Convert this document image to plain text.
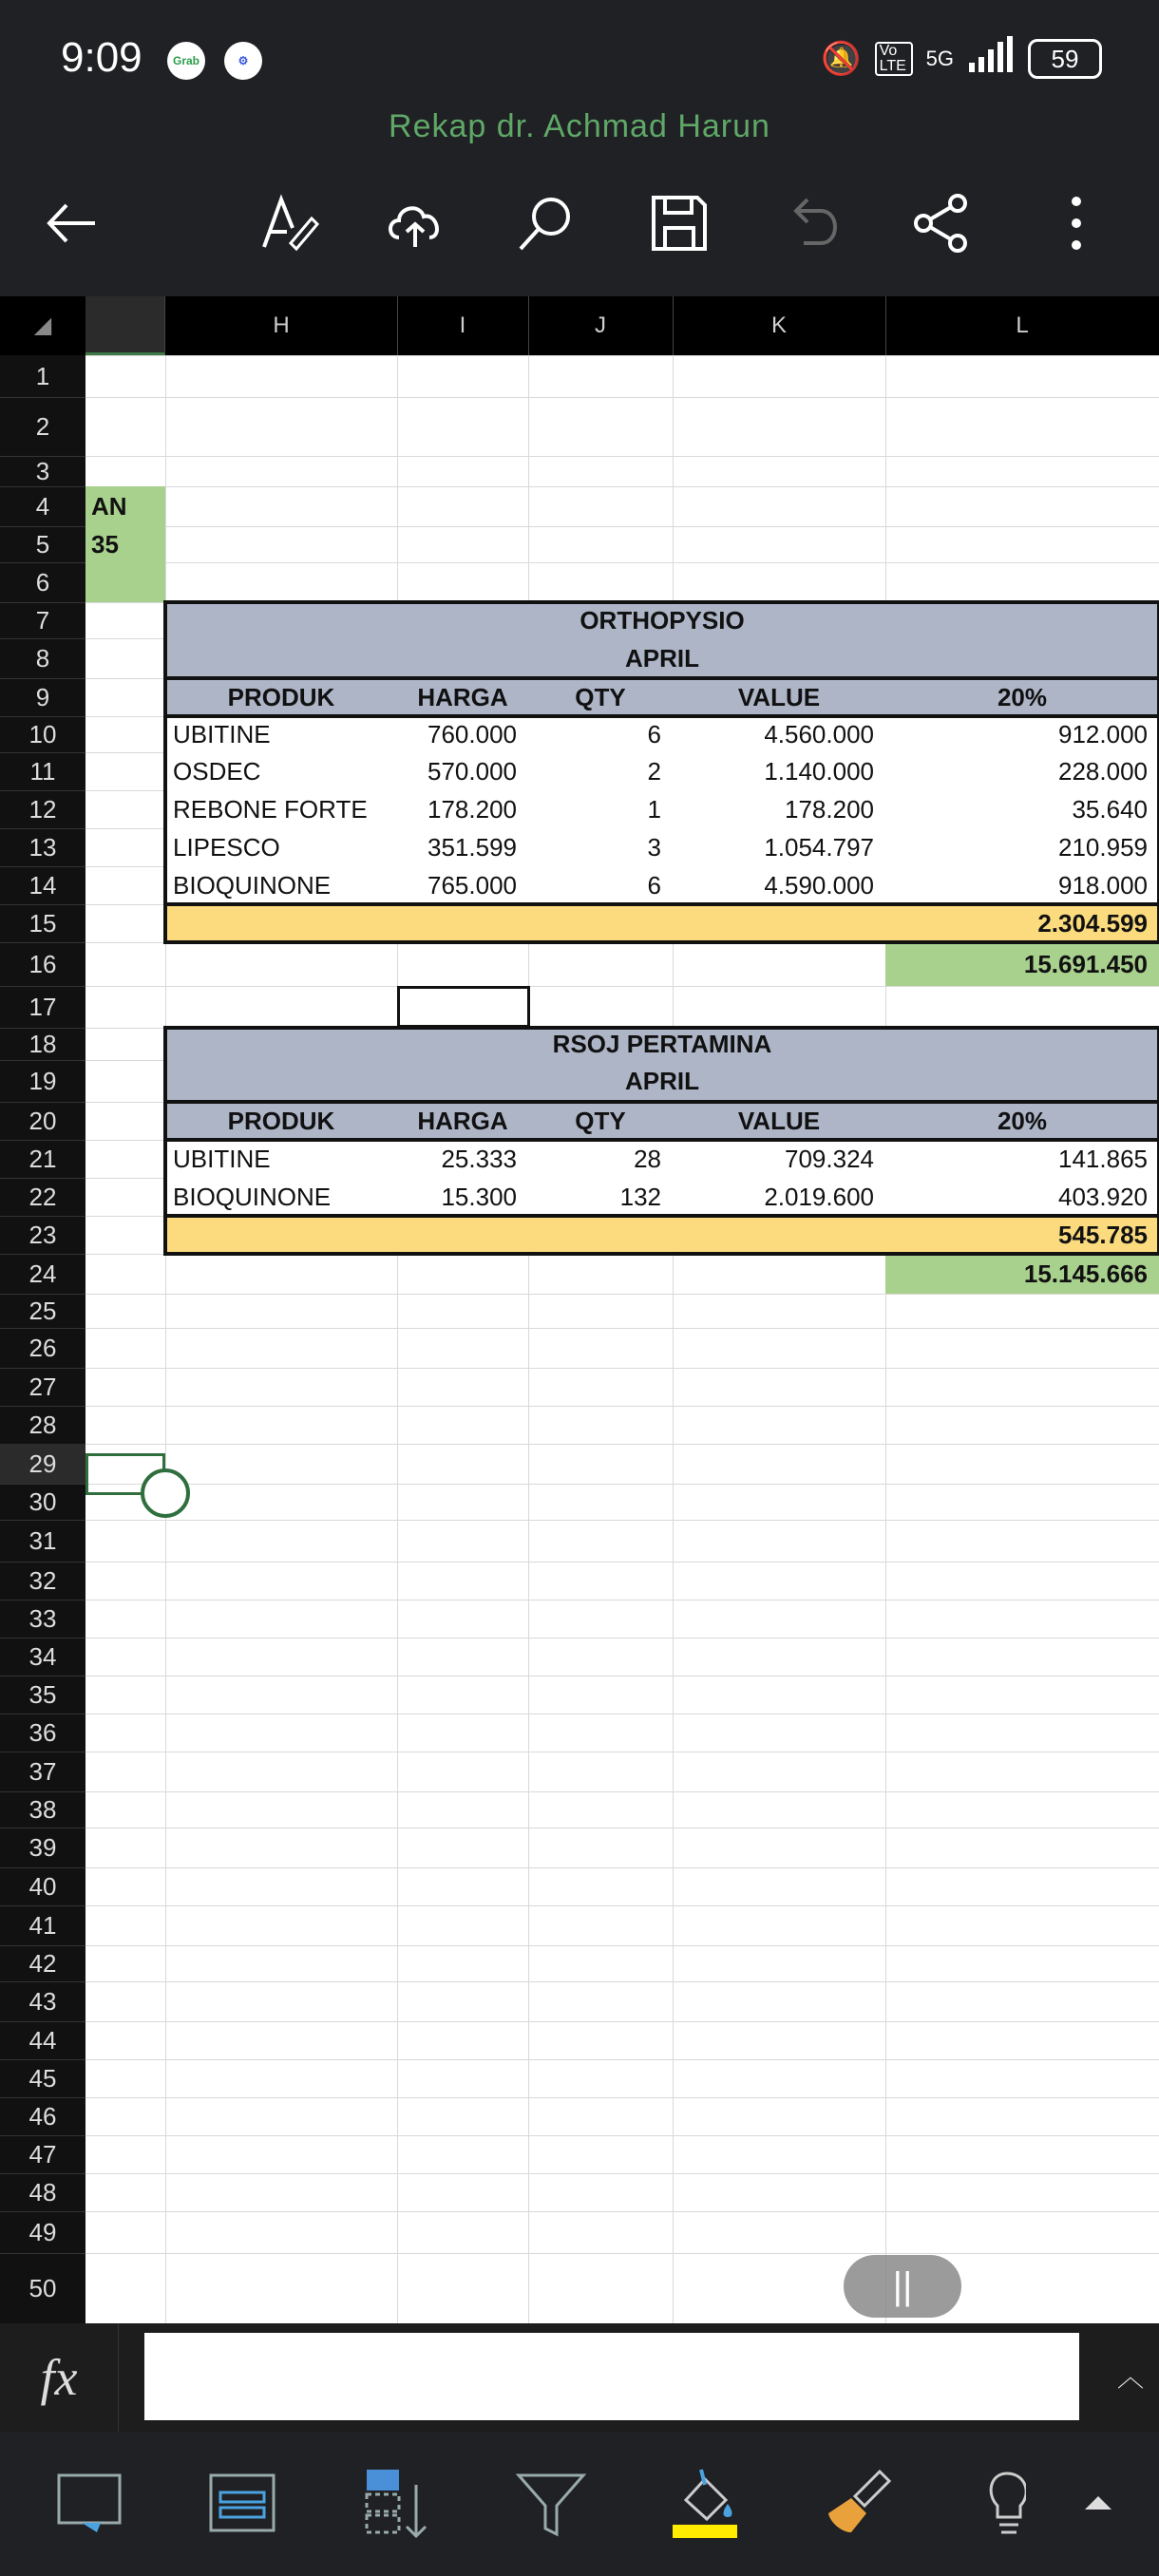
9:09	Grab	⚙	🔕	Vo LTE 5G	59
Rekap dr. Achmad Harun
◢	H	I	J	K	L
1
2
3
4
5
6
7
8
9
10
11
12
13
14
15
16
17
18
19
20
21
22
23
24
25
26
27
28
29
30
31
32
33
34
35
36
37
38
39
40
41
42
43
44
45
46
47
48
49
50
AN
35
ORTHOPYSIO
APRIL
PRODUK	HARGA	QTY	VALUE	20%
UBITINE	760.000	6	4.560.000	912.000
OSDEC	570.000	2	1.140.000	228.000
REBONE FORTE	178.200	1	178.200	35.640
LIPESCO	351.599	3	1.054.797	210.959
BIOQUINONE	765.000	6	4.590.000	918.000
2.304.599
15.691.450
RSOJ PERTAMINA
APRIL
PRODUK	HARGA	QTY	VALUE	20%
UBITINE	25.333	28	709.324	141.865
BIOQUINONE	15.300	132	2.019.600	403.920
545.785
15.145.666
||
fx	︿
